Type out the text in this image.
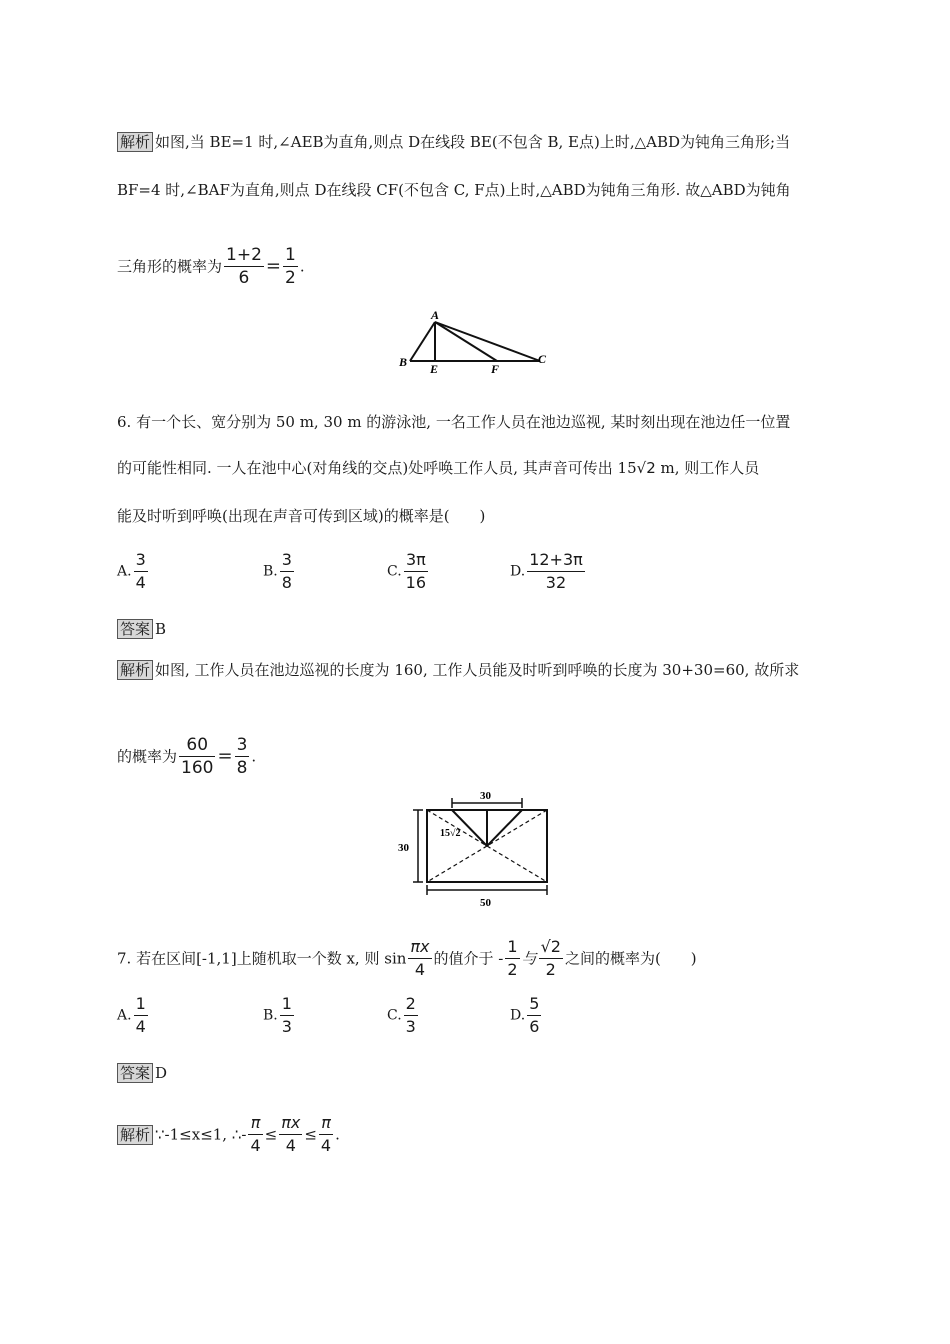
解析 如图,当 BE=1 时,∠AEB为直角,则点 D在线段 BE(不包含 B, E点)上时,△ABD为钝角三角形;当
BF=4 时,∠BAF为直角,则点 D在线段 CF(不包含 C, F点)上时,△ABD为钝角三角形. 故△ABD为钝角
三角形的概率为 $\frac{1+2}{6} = \frac{1}{2}$ .
A
B E	F
C
6. 有一个长、宽分别为 50 m, 30 m 的游泳池, 一名工作人员在池边巡视, 某时刻出现在池边任一位置
的可能性相同. 一人在池中心(对角线的交点)处呼唤工作人员, 其声音可传出 15√2 m, 则工作人员
能及时听到呼唤(出现在声音可传到区域)的概率是(　　)
A. $\frac{3}{4}$	B. $\frac{3}{8}$	C. $\frac{3\pi}{16}$	D. $\frac{12+3\pi}{32}$
答案 B
解析 如图, 工作人员在池边巡视的长度为 160, 工作人员能及时听到呼唤的长度为 30+30=60, 故所求
的概率为 $\frac{60}{160} = \frac{3}{8}$ .
30
30
50
15√2
7. 若在区间[-1,1]上随机取一个数 x, 则 $\sin \frac{\pi x}{4}$ 的值介于 - $\frac{1}{2}$ 与 $\frac{√2}{2}$ 之间的概率为(　　)
A. $\frac{1}{4}$	B. $\frac{1}{3}$	C. $\frac{2}{3}$	D. $\frac{5}{6}$
答案 D
解析 ∵-1≤x≤1, ∴- $\frac{\pi}{4} \le \frac{\pi x}{4} \le \frac{\pi}{4}$ .
